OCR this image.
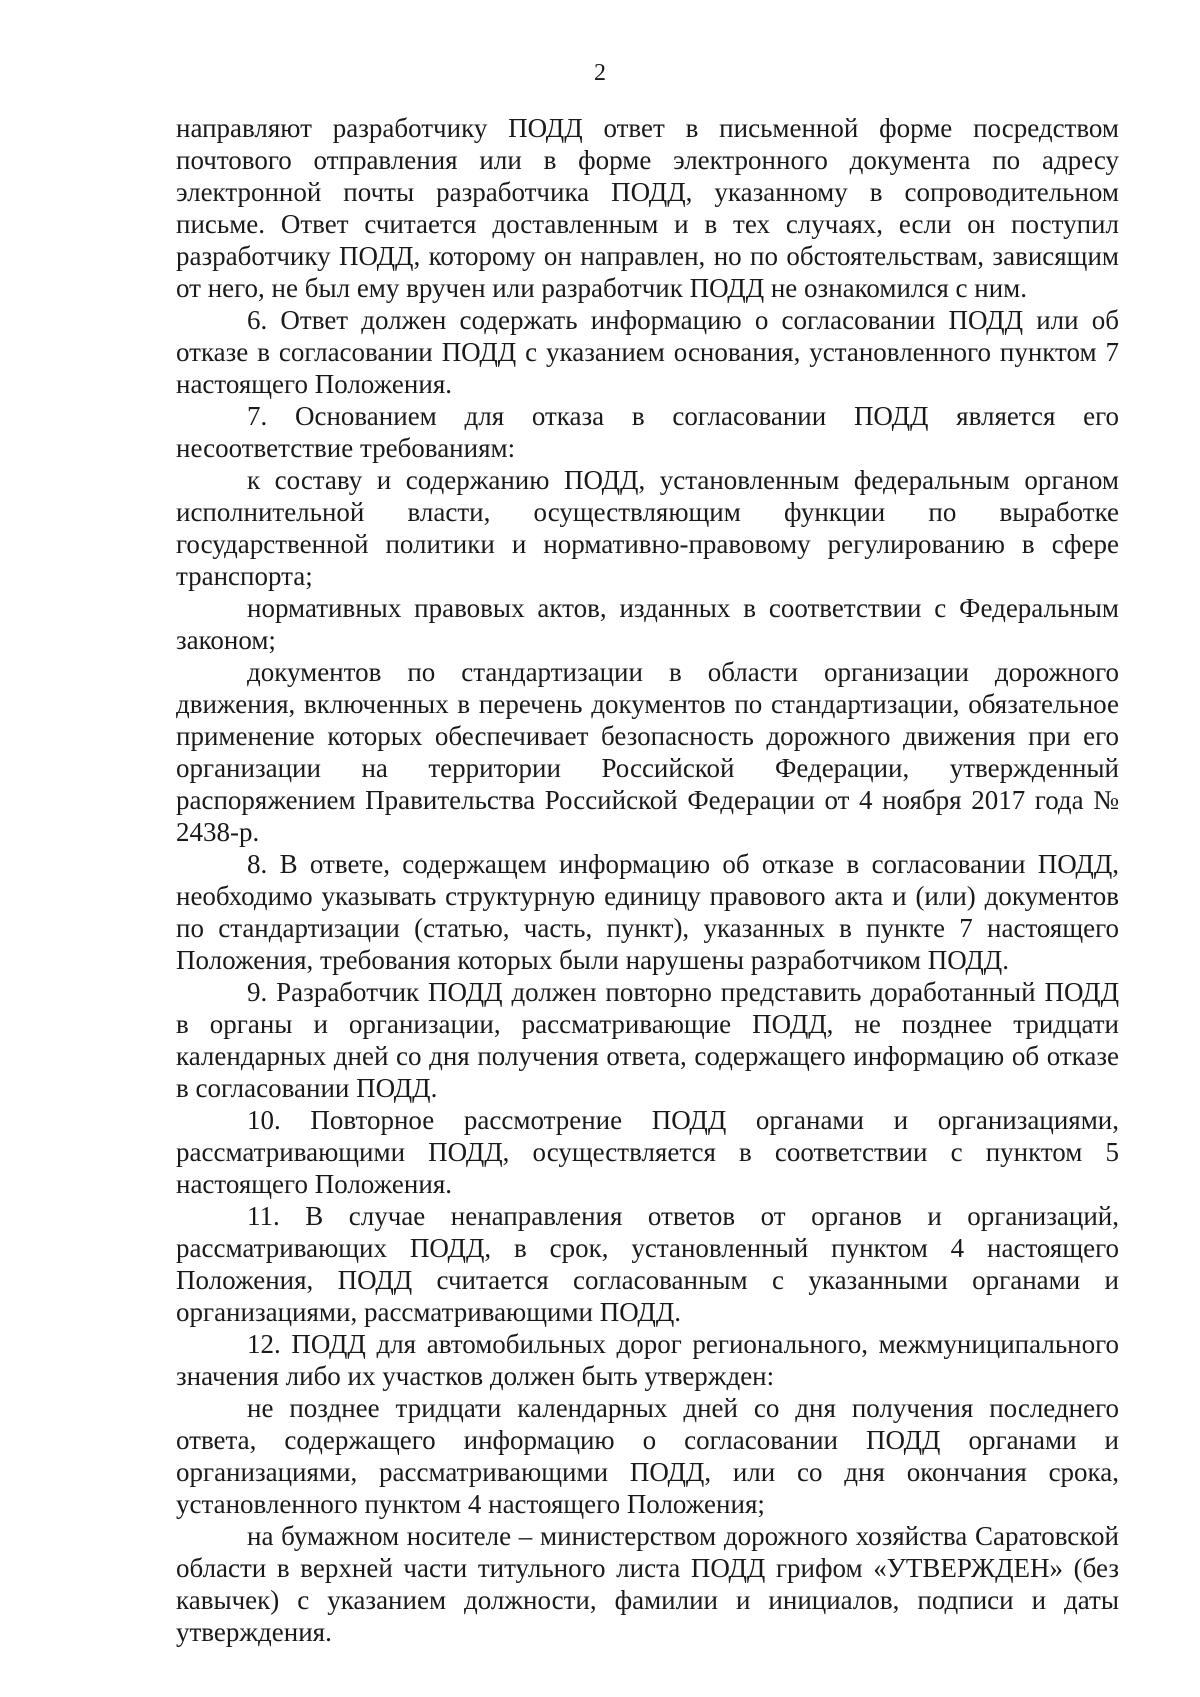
2

направляют разработчику ПОДД ответ в письменной форме посредством почтового отправления или в форме электронного документа по адресу электронной почты разработчика ПОДД, указанному в сопроводительном письме. Ответ считается доставленным и в тех случаях, если он поступил разработчику ПОДД, которому он направлен, но по обстоятельствам, зависящим от него, не был ему вручен или разработчик ПОДД не ознакомился с ним.

6. Ответ должен содержать информацию о согласовании ПОДД или об отказе в согласовании ПОДД с указанием основания, установленного пунктом 7 настоящего Положения.

7. Основанием для отказа в согласовании ПОДД является его несоответствие требованиям:

к составу и содержанию ПОДД, установленным федеральным органом исполнительной власти, осуществляющим функции по выработке государственной политики и нормативно-правовому регулированию в сфере транспорта;

нормативных правовых актов, изданных в соответствии с Федеральным законом;

документов по стандартизации в области организации дорожного движения, включенных в перечень документов по стандартизации, обязательное применение которых обеспечивает безопасность дорожного движения при его организации на территории Российской Федерации, утвержденный распоряжением Правительства Российской Федерации от 4 ноября 2017 года № 2438-р.

8. В ответе, содержащем информацию об отказе в согласовании ПОДД, необходимо указывать структурную единицу правового акта и (или) документов по стандартизации (статью, часть, пункт), указанных в пункте 7 настоящего Положения, требования которых были нарушены разработчиком ПОДД.

9. Разработчик ПОДД должен повторно представить доработанный ПОДД в органы и организации, рассматривающие ПОДД, не позднее тридцати календарных дней со дня получения ответа, содержащего информацию об отказе в согласовании ПОДД.

10. Повторное рассмотрение ПОДД органами и организациями, рассматривающими ПОДД, осуществляется в соответствии с пунктом 5 настоящего Положения.

11. В случае ненаправления ответов от органов и организаций, рассматривающих ПОДД, в срок, установленный пунктом 4 настоящего Положения, ПОДД считается согласованным с указанными органами и организациями, рассматривающими ПОДД.

12. ПОДД для автомобильных дорог регионального, межмуниципального значения либо их участков должен быть утвержден:

не позднее тридцати календарных дней со дня получения последнего ответа, содержащего информацию о согласовании ПОДД органами и организациями, рассматривающими ПОДД, или со дня окончания срока, установленного пунктом 4 настоящего Положения;

на бумажном носителе – министерством дорожного хозяйства Саратовской области в верхней части титульного листа ПОДД грифом «УТВЕРЖДЕН» (без кавычек) с указанием должности, фамилии и инициалов, подписи и даты утверждения.
